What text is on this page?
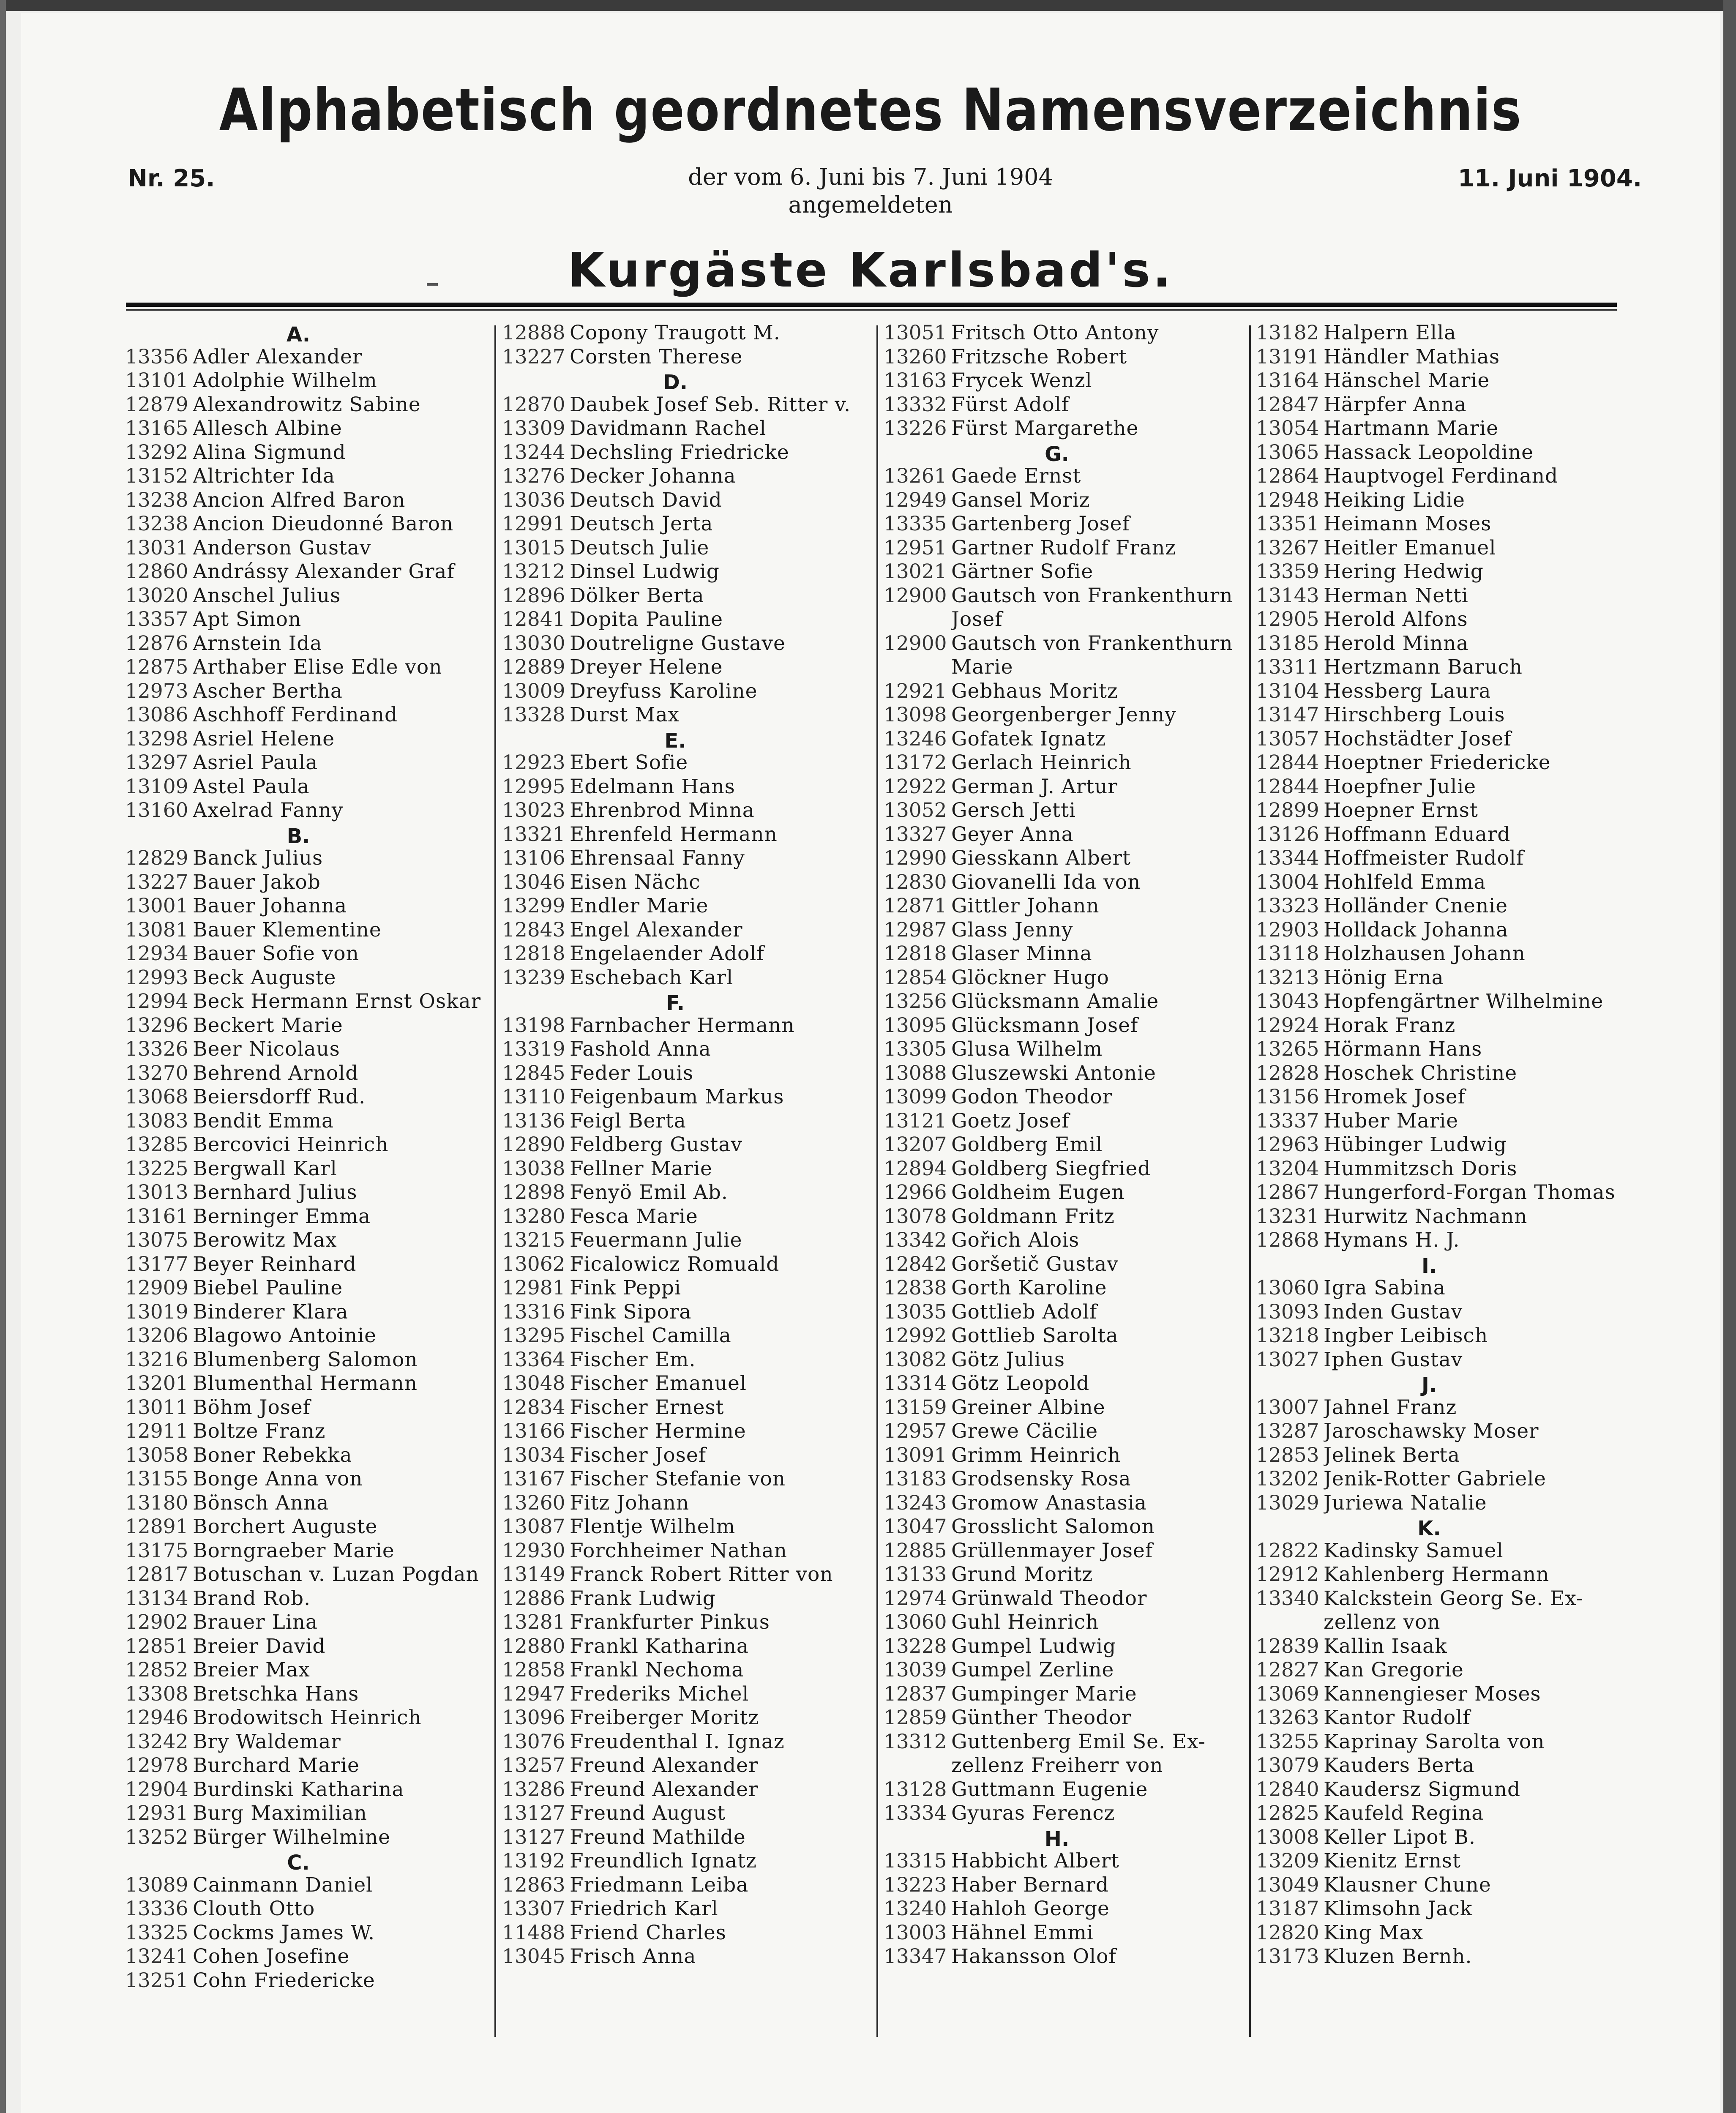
Alphabetisch geordnetes Namensverzeichnis
Nr. 25.	der vom 6. Juni bis 7. Juni 1904
angemeldeten
11. Juni 1904.
Kurgäste Karlsbad's.
A.
13356 Adler Alexander
13101 Adolphie Wilhelm
12879 Alexandrowitz Sabine
13165 Allesch Albine
13292 Alina Sigmund
13152 Altrichter Ida
13238 Ancion Alfred Baron
13238 Ancion Dieudonné Baron
13031 Anderson Gustav
12860 Andrássy Alexander Graf
13020 Anschel Julius
13357 Apt Simon
12876 Arnstein Ida
12875 Arthaber Elise Edle von
12973 Ascher Bertha
13086 Aschhoff Ferdinand
13298 Asriel Helene
13297 Asriel Paula
13109 Astel Paula
13160 Axelrad Fanny
B.
12829 Banck Julius
13227 Bauer Jakob
13001 Bauer Johanna
13081 Bauer Klementine
12934 Bauer Sofie von
12993 Beck Auguste
12994 Beck Hermann Ernst Oskar
13296 Beckert Marie
13326 Beer Nicolaus
13270 Behrend Arnold
13068 Beiersdorff Rud.
13083 Bendit Emma
13285 Bercovici Heinrich
13225 Bergwall Karl
13013 Bernhard Julius
13161 Berninger Emma
13075 Berowitz Max
13177 Beyer Reinhard
12909 Biebel Pauline
13019 Binderer Klara
13206 Blagowo Antoinie
13216 Blumenberg Salomon
13201 Blumenthal Hermann
13011 Böhm Josef
12911 Boltze Franz
13058 Boner Rebekka
13155 Bonge Anna von
13180 Bönsch Anna
12891 Borchert Auguste
13175 Borngraeber Marie
12817 Botuschan v. Luzan Pogdan
13134 Brand Rob.
12902 Brauer Lina
12851 Breier David
12852 Breier Max
13308 Bretschka Hans
12946 Brodowitsch Heinrich
13242 Bry Waldemar
12978 Burchard Marie
12904 Burdinski Katharina
12931 Burg Maximilian
13252 Bürger Wilhelmine
C.
13089 Cainmann Daniel
13336 Clouth Otto
13325 Cockms James W.
13241 Cohen Josefine
13251 Cohn Friedericke
12888 Copony Traugott M.
13227 Corsten Therese
D.
12870 Daubek Josef Seb. Ritter v.
13309 Davidmann Rachel
13244 Dechsling Friedricke
13276 Decker Johanna
13036 Deutsch David
12991 Deutsch Jerta
13015 Deutsch Julie
13212 Dinsel Ludwig
12896 Dölker Berta
12841 Dopita Pauline
13030 Doutreligne Gustave
12889 Dreyer Helene
13009 Dreyfuss Karoline
13328 Durst Max
E.
12923 Ebert Sofie
12995 Edelmann Hans
13023 Ehrenbrod Minna
13321 Ehrenfeld Hermann
13106 Ehrensaal Fanny
13046 Eisen Nächc
13299 Endler Marie
12843 Engel Alexander
12818 Engelaender Adolf
13239 Eschebach Karl
F.
13198 Farnbacher Hermann
13319 Fashold Anna
12845 Feder Louis
13110 Feigenbaum Markus
13136 Feigl Berta
12890 Feldberg Gustav
13038 Fellner Marie
12898 Fenyö Emil Ab.
13280 Fesca Marie
13215 Feuermann Julie
13062 Ficalowicz Romuald
12981 Fink Peppi
13316 Fink Sipora
13295 Fischel Camilla
13364 Fischer Em.
13048 Fischer Emanuel
12834 Fischer Ernest
13166 Fischer Hermine
13034 Fischer Josef
13167 Fischer Stefanie von
13260 Fitz Johann
13087 Flentje Wilhelm
12930 Forchheimer Nathan
13149 Franck Robert Ritter von
12886 Frank Ludwig
13281 Frankfurter Pinkus
12880 Frankl Katharina
12858 Frankl Nechoma
12947 Frederiks Michel
13096 Freiberger Moritz
13076 Freudenthal I. Ignaz
13257 Freund Alexander
13286 Freund Alexander
13127 Freund August
13127 Freund Mathilde
13192 Freundlich Ignatz
12863 Friedmann Leiba
13307 Friedrich Karl
11488 Friend Charles
13045 Frisch Anna
13051 Fritsch Otto Antony
13260 Fritzsche Robert
13163 Frycek Wenzl
13332 Fürst Adolf
13226 Fürst Margarethe
G.
13261 Gaede Ernst
12949 Gansel Moriz
13335 Gartenberg Josef
12951 Gartner Rudolf Franz
13021 Gärtner Sofie
12900 Gautsch von Frankenthurn
Josef
12900 Gautsch von Frankenthurn
Marie
12921 Gebhaus Moritz
13098 Georgenberger Jenny
13246 Gofatek Ignatz
13172 Gerlach Heinrich
12922 German J. Artur
13052 Gersch Jetti
13327 Geyer Anna
12990 Giesskann Albert
12830 Giovanelli Ida von
12871 Gittler Johann
12987 Glass Jenny
12818 Glaser Minna
12854 Glöckner Hugo
13256 Glücksmann Amalie
13095 Glücksmann Josef
13305 Glusa Wilhelm
13088 Gluszewski Antonie
13099 Godon Theodor
13121 Goetz Josef
13207 Goldberg Emil
12894 Goldberg Siegfried
12966 Goldheim Eugen
13078 Goldmann Fritz
13342 Gořich Alois
12842 Goršetič Gustav
12838 Gorth Karoline
13035 Gottlieb Adolf
12992 Gottlieb Sarolta
13082 Götz Julius
13314 Götz Leopold
13159 Greiner Albine
12957 Grewe Cäcilie
13091 Grimm Heinrich
13183 Grodsensky Rosa
13243 Gromow Anastasia
13047 Grosslicht Salomon
12885 Grüllenmayer Josef
13133 Grund Moritz
12974 Grünwald Theodor
13060 Guhl Heinrich
13228 Gumpel Ludwig
13039 Gumpel Zerline
12837 Gumpinger Marie
12859 Günther Theodor
13312 Guttenberg Emil Se. Ex-
zellenz Freiherr von
13128 Guttmann Eugenie
13334 Gyuras Ferencz
H.
13315 Habbicht Albert
13223 Haber Bernard
13240 Hahloh George
13003 Hähnel Emmi
13347 Hakansson Olof
13182 Halpern Ella
13191 Händler Mathias
13164 Hänschel Marie
12847 Härpfer Anna
13054 Hartmann Marie
13065 Hassack Leopoldine
12864 Hauptvogel Ferdinand
12948 Heiking Lidie
13351 Heimann Moses
13267 Heitler Emanuel
13359 Hering Hedwig
13143 Herman Netti
12905 Herold Alfons
13185 Herold Minna
13311 Hertzmann Baruch
13104 Hessberg Laura
13147 Hirschberg Louis
13057 Hochstädter Josef
12844 Hoeptner Friedericke
12844 Hoepfner Julie
12899 Hoepner Ernst
13126 Hoffmann Eduard
13344 Hoffmeister Rudolf
13004 Hohlfeld Emma
13323 Holländer Cnenie
12903 Holldack Johanna
13118 Holzhausen Johann
13213 Hönig Erna
13043 Hopfengärtner Wilhelmine
12924 Horak Franz
13265 Hörmann Hans
12828 Hoschek Christine
13156 Hromek Josef
13337 Huber Marie
12963 Hübinger Ludwig
13204 Hummitzsch Doris
12867 Hungerford-Forgan Thomas
13231 Hurwitz Nachmann
12868 Hymans H. J.
I.
13060 Igra Sabina
13093 Inden Gustav
13218 Ingber Leibisch
13027 Iphen Gustav
J.
13007 Jahnel Franz
13287 Jaroschawsky Moser
12853 Jelinek Berta
13202 Jenik-Rotter Gabriele
13029 Juriewa Natalie
K.
12822 Kadinsky Samuel
12912 Kahlenberg Hermann
13340 Kalckstein Georg Se. Ex-
zellenz von
12839 Kallin Isaak
12827 Kan Gregorie
13069 Kannengieser Moses
13263 Kantor Rudolf
13255 Kaprinay Sarolta von
13079 Kauders Berta
12840 Kaudersz Sigmund
12825 Kaufeld Regina
13008 Keller Lipot B.
13209 Kienitz Ernst
13049 Klausner Chune
13187 Klimsohn Jack
12820 King Max
13173 Kluzen Bernh.
